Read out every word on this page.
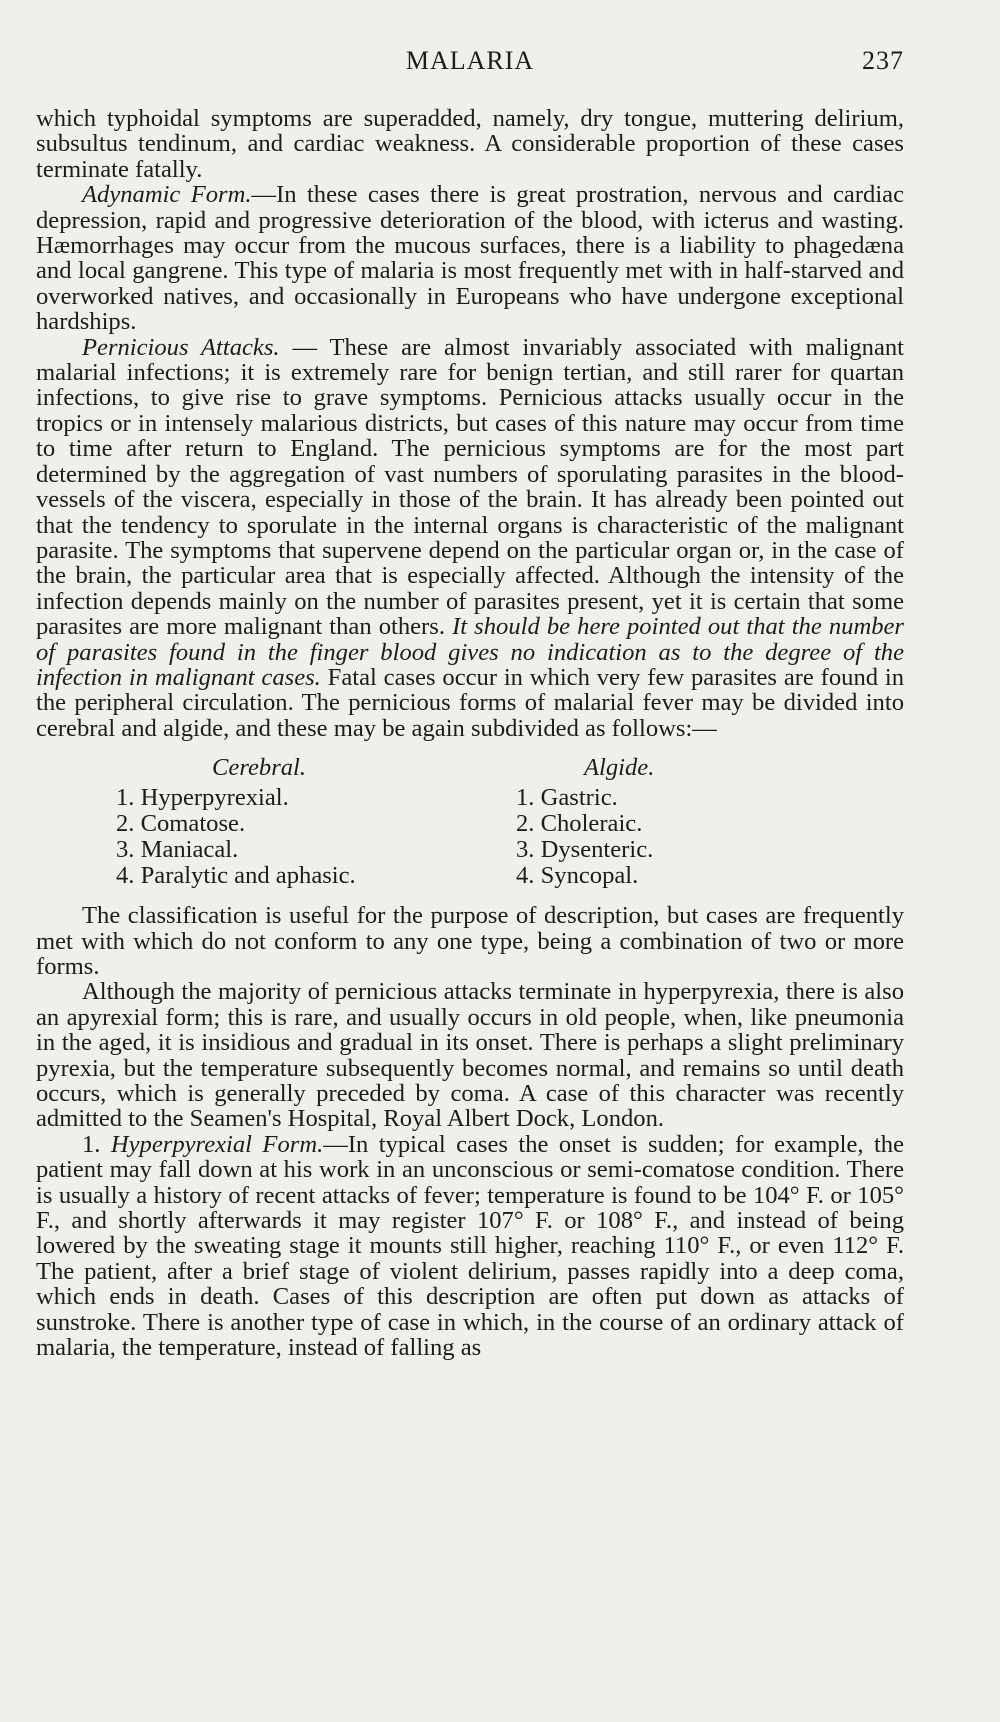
MALARIA	237

which typhoidal symptoms are superadded, namely, dry tongue, muttering delirium, subsultus tendinum, and cardiac weakness. A considerable proportion of these cases terminate fatally.

Adynamic Form.—In these cases there is great prostration, nervous and cardiac depression, rapid and progressive deterioration of the blood, with icterus and wasting. Hæmorrhages may occur from the mucous surfaces, there is a liability to phagedæna and local gangrene. This type of malaria is most frequently met with in half-starved and overworked natives, and occasionally in Europeans who have undergone exceptional hardships.

Pernicious Attacks. — These are almost invariably associated with malignant malarial infections; it is extremely rare for benign tertian, and still rarer for quartan infections, to give rise to grave symptoms. Pernicious attacks usually occur in the tropics or in intensely malarious districts, but cases of this nature may occur from time to time after return to England. The pernicious symptoms are for the most part determined by the aggregation of vast numbers of sporulating parasites in the blood-vessels of the viscera, especially in those of the brain. It has already been pointed out that the tendency to sporulate in the internal organs is characteristic of the malignant parasite. The symptoms that supervene depend on the particular organ or, in the case of the brain, the particular area that is especially affected. Although the intensity of the infection depends mainly on the number of parasites present, yet it is certain that some parasites are more malignant than others. It should be here pointed out that the number of parasites found in the finger blood gives no indication as to the degree of the infection in malignant cases. Fatal cases occur in which very few parasites are found in the peripheral circulation. The pernicious forms of malarial fever may be divided into cerebral and algide, and these may be again subdivided as follows:—

Cerebral.
1. Hyperpyrexial.
2. Comatose.
3. Maniacal.
4. Paralytic and aphasic.
Algide.
1. Gastric.
2. Choleraic.
3. Dysenteric.
4. Syncopal.

The classification is useful for the purpose of description, but cases are frequently met with which do not conform to any one type, being a combination of two or more forms.

Although the majority of pernicious attacks terminate in hyperpyrexia, there is also an apyrexial form; this is rare, and usually occurs in old people, when, like pneumonia in the aged, it is insidious and gradual in its onset. There is perhaps a slight preliminary pyrexia, but the temperature subsequently becomes normal, and remains so until death occurs, which is generally preceded by coma. A case of this character was recently admitted to the Seamen's Hospital, Royal Albert Dock, London.

1. Hyperpyrexial Form.—In typical cases the onset is sudden; for example, the patient may fall down at his work in an unconscious or semi-comatose condition. There is usually a history of recent attacks of fever; temperature is found to be 104° F. or 105° F., and shortly afterwards it may register 107° F. or 108° F., and instead of being lowered by the sweating stage it mounts still higher, reaching 110° F., or even 112° F. The patient, after a brief stage of violent delirium, passes rapidly into a deep coma, which ends in death. Cases of this description are often put down as attacks of sunstroke. There is another type of case in which, in the course of an ordinary attack of malaria, the temperature, instead of falling as
